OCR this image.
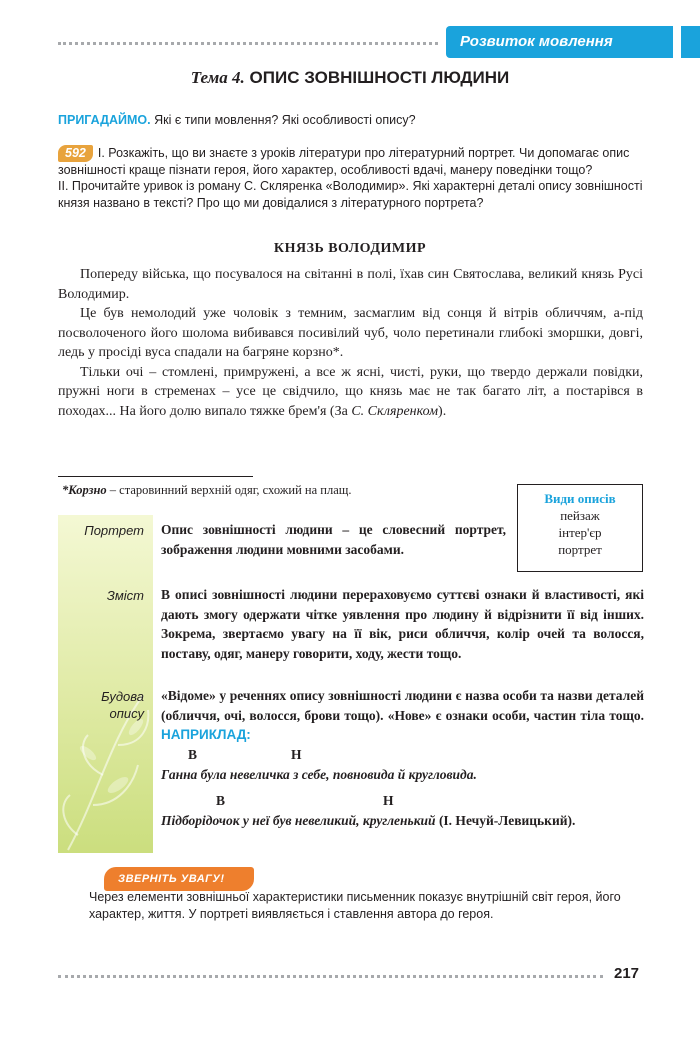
Розвиток мовлення
Тема 4. ОПИС ЗОВНІШНОСТІ ЛЮДИНИ
ПРИГАДАЙМО. Які є типи мовлення? Які особливості опису?
592 І. Розкажіть, що ви знаєте з уроків літератури про літературний портрет. Чи допомагає опис зовнішності краще пізнати героя, його характер, особливості вдачі, манеру поведінки тощо?
ІІ. Прочитайте уривок із роману С. Скляренка «Володимир». Які характерні деталі опису зовнішності князя названо в тексті? Про що ми довідалися з літературного портрета?
КНЯЗЬ ВОЛОДИМИР

Попереду війська, що посувалося на світанні в полі, їхав син Святослава, великий князь Русі Володимир.

Це був немолодий уже чоловік з темним, засмаглим від сонця й вітрів обличчям, а-під посволоченого його шолома вибивався посивілий чуб, чоло перетинали глибокі зморшки, довгі, ледь у просіді вуса спадали на багряне корзно*.

Тільки очі – стомлені, примружені, а все ж ясні, чисті, руки, що твердо держали повідки, пружні ноги в стременах – усе це свідчило, що князь має не так багато літ, а постарівся в походах... На його долю випало тяжке брем'я (За С. Скляренком).

*Корзно – старовинний верхній одяг, схожий на плащ.
Види описів
пейзаж
інтер'єр
портрет
Портрет Опис зовнішності людини – це словесний портрет, зображення людини мовними засобами.
Зміст В описі зовнішності людини перераховуємо суттєві ознаки й властивості, які дають змогу одержати чітке уявлення про людину й відрізнити її від інших. Зокрема, звертаємо увагу на її вік, риси обличчя, колір очей та волосся, поставу, одяг, манеру говорити, ходу, жести тощо.
Будова
опису
«Відоме» у реченнях опису зовнішності людини є назва особи та назви деталей (обличчя, очі, волосся, брови тощо). «Нове» є ознаки особи, частин тіла тощо. НАПРИКЛАД:
В	Н
Ганна була невеличка з себе, повновида й кругловида.
В	Н
Підборідочок у неї був невеликий, кругленький (І. Нечуй-Левицький).
ЗВЕРНІТЬ УВАГУ!
Через елементи зовнішньої характеристики письменник показує внутрішній світ героя, його характер, життя. У портреті виявляється і ставлення автора до героя.
217
